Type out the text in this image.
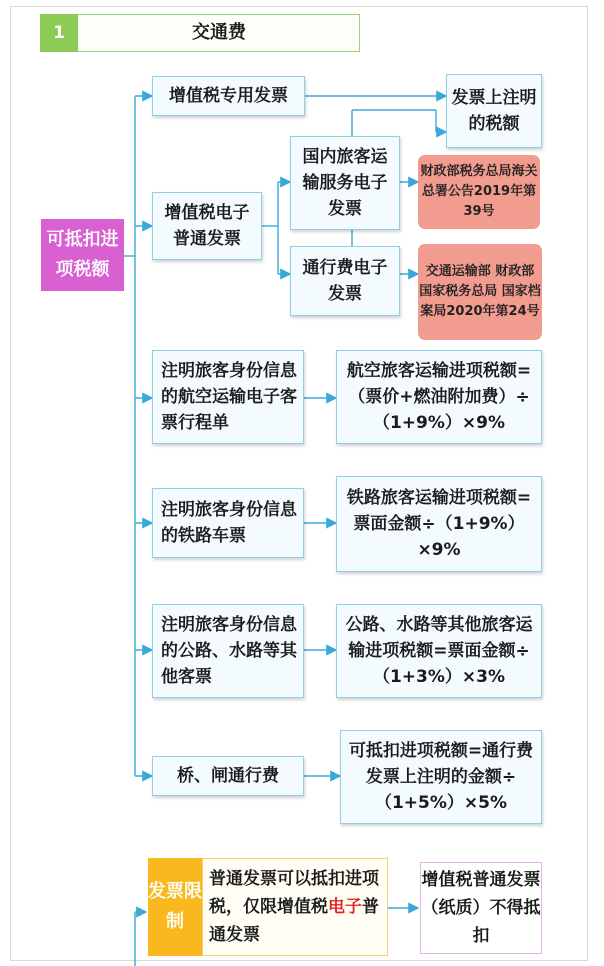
1	交通费
可抵扣进项税额
增值税专用发票	发票上注明的税额
增值税电子普通发票
国内旅客运输服务电子发票
通行费电子发票
财政部税务总局海关总署公告2019年第39号
交通运输部 财政部 国家税务总局 国家档案局2020年第24号
注明旅客身份信息的航空运输电子客票行程单
航空旅客运输进项税额=（票价+燃油附加费）÷（1+9%）×9%
注明旅客身份信息的铁路车票
铁路旅客运输进项税额=票面金额÷（1+9%）×9%
注明旅客身份信息的公路、水路等其他客票
公路、水路等其他旅客运输进项税额=票面金额÷（1+3%）×3%
桥、闸通行费
可抵扣进项税额=通行费发票上注明的金额÷（1+5%）×5%
发票限制
普通发票可以抵扣进项税，仅限增值税电子普通发票
增值税普通发票（纸质）不得抵扣
